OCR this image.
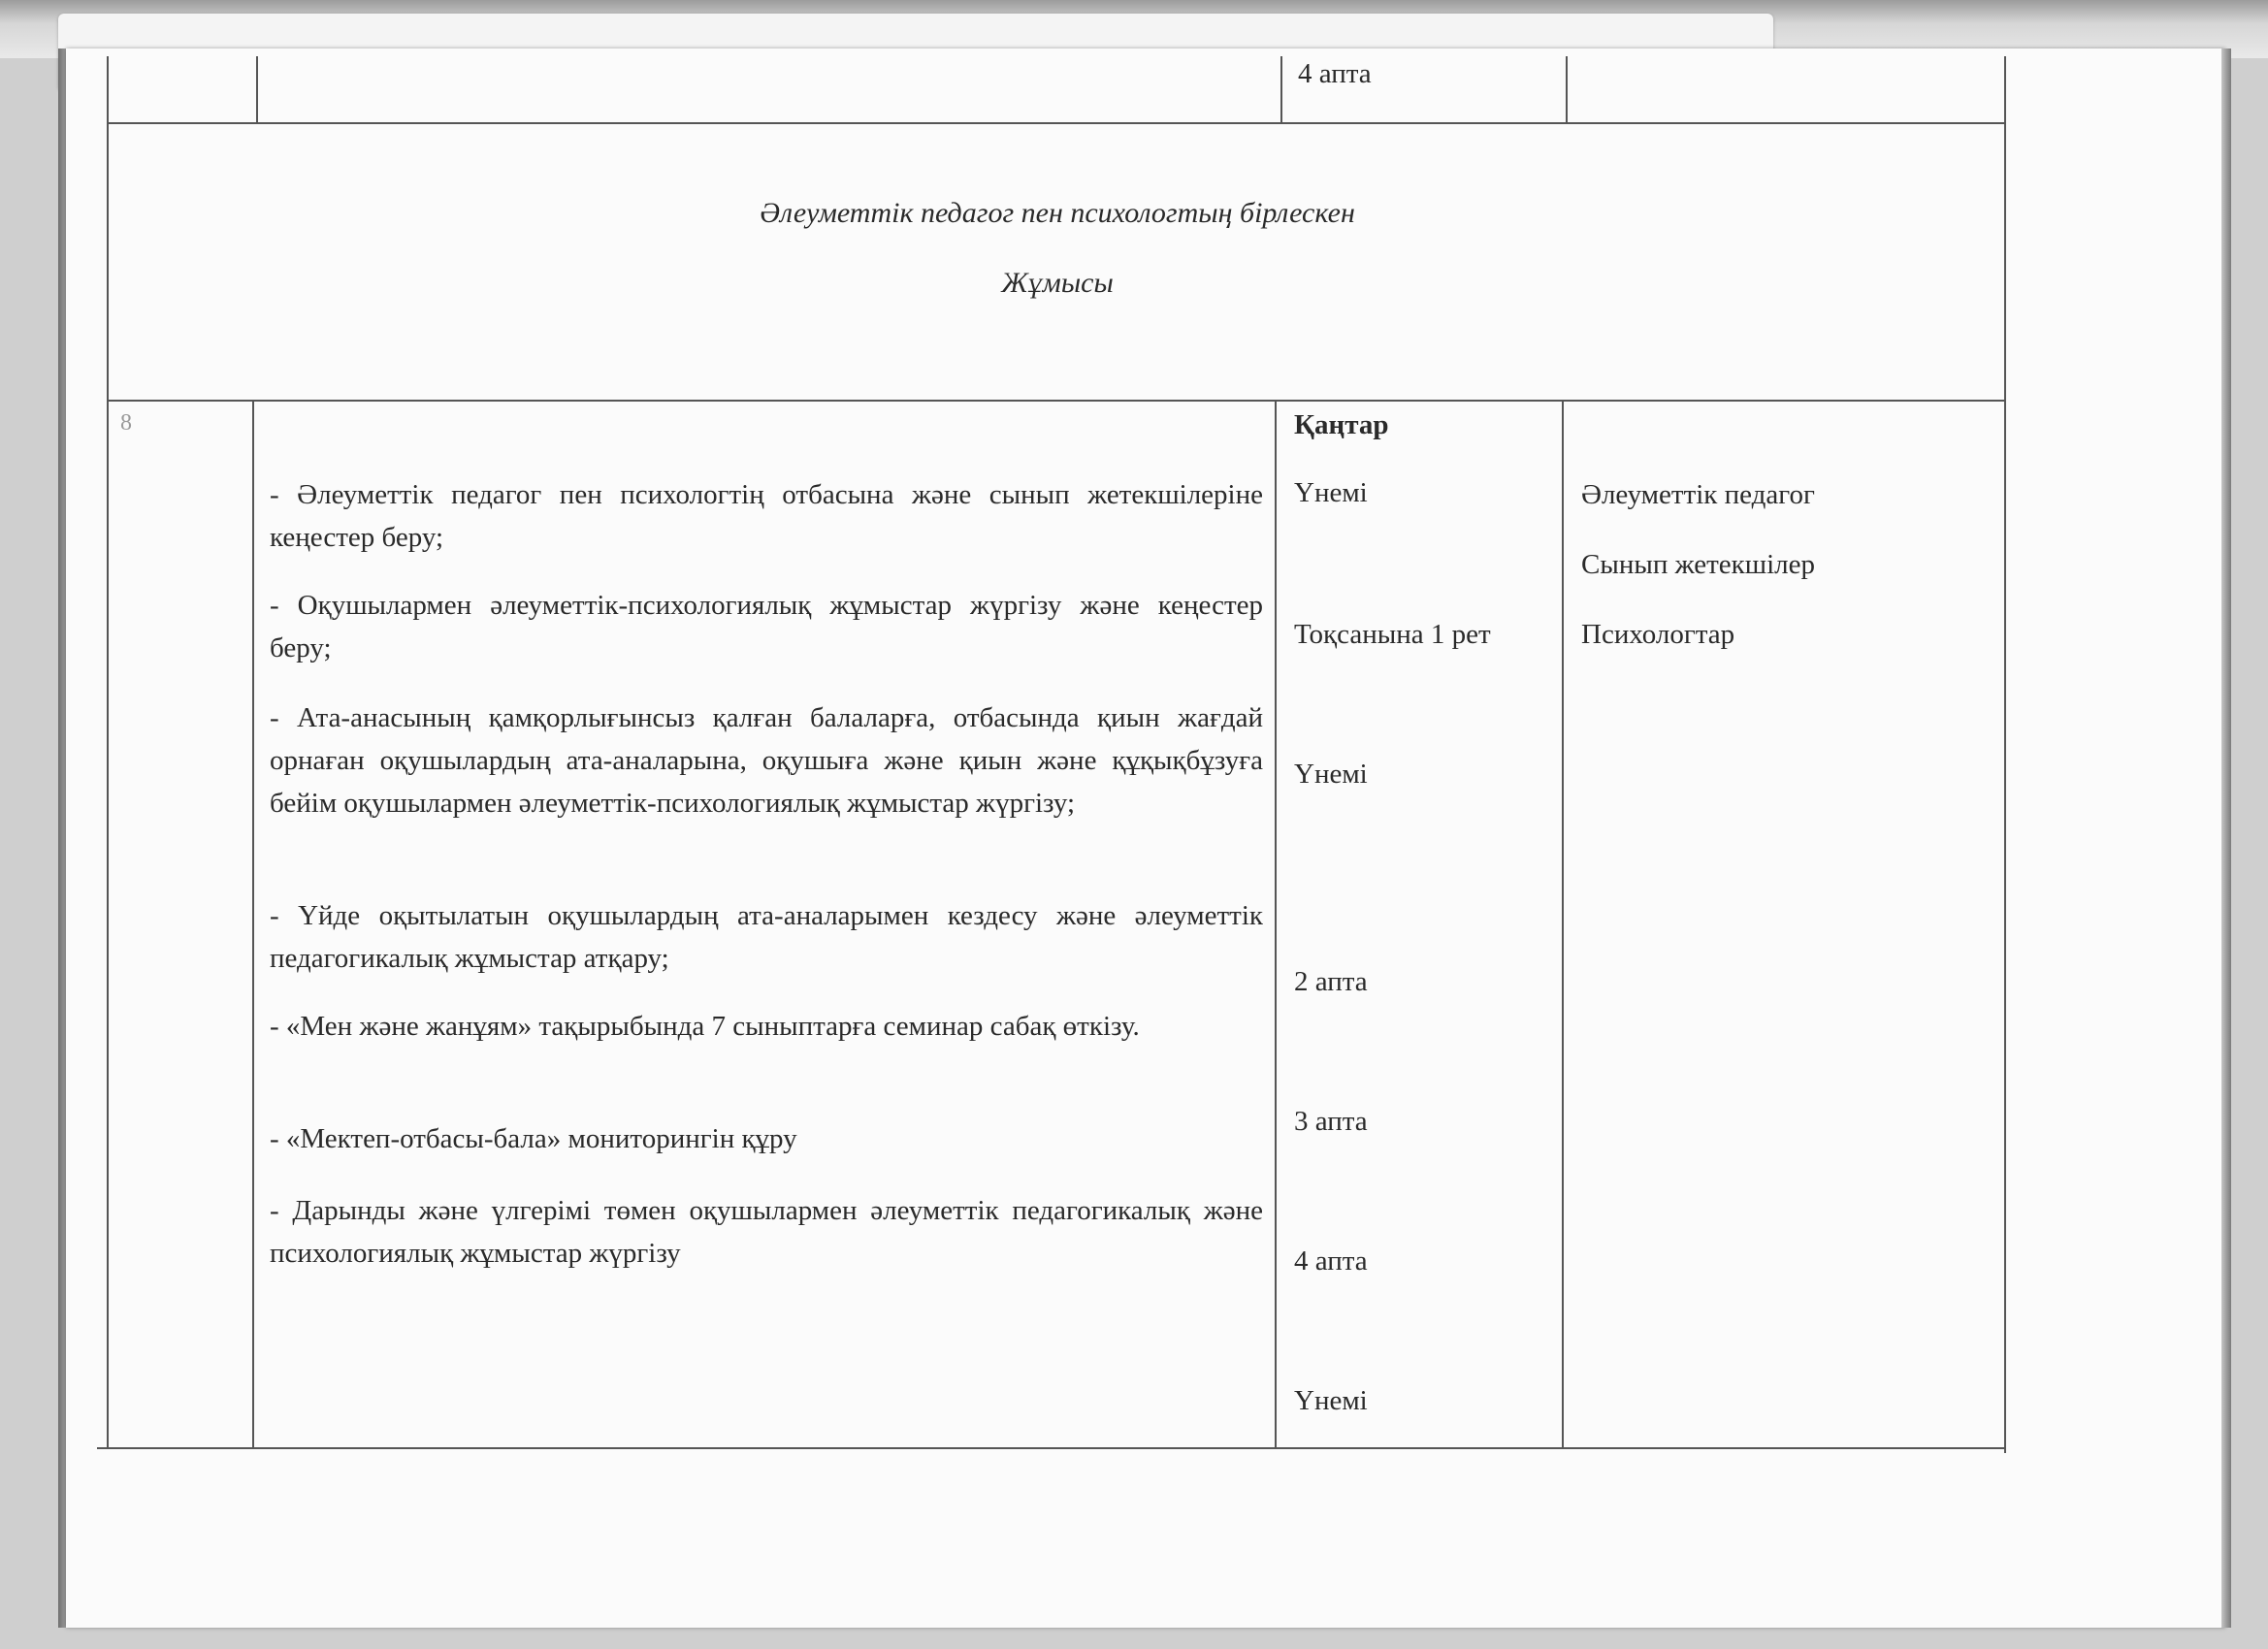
4 апта
Әлеуметтік педагог пен психологтың бірлескен
Жұмысы
8
- Әлеуметтік педагог пен психологтің отбасына және сынып жетекшілеріне кеңестер беру;
- Оқушылармен әлеуметтік-психологиялық жұмыстар жүргізу және кеңестер беру;
- Ата-анасының қамқорлығынсыз қалған балаларға, отбасында қиын жағдай орнаған оқушылардың ата-аналарына, оқушыға және қиын және құқықбұзуға бейім оқушылармен әлеуметтік-психологиялық жұмыстар жүргізу;
- Үйде оқытылатын оқушылардың ата-аналарымен кездесу және әлеуметтік педагогикалық жұмыстар атқару;
- «Мен және жанұям» тақырыбында 7 сыныптарға семинар сабақ өткізу.
- «Мектеп-отбасы-бала» мониторингін құру
- Дарынды және үлгерімі төмен оқушылармен әлеуметтік педагогикалық және психологиялық жұмыстар жүргізу
Қаңтар
Үнемі
Тоқсанына 1 рет
Үнемі
2 апта
3 апта
4 апта
Үнемі
Әлеуметтік педагог
Сынып жетекшілер
Психологтар
